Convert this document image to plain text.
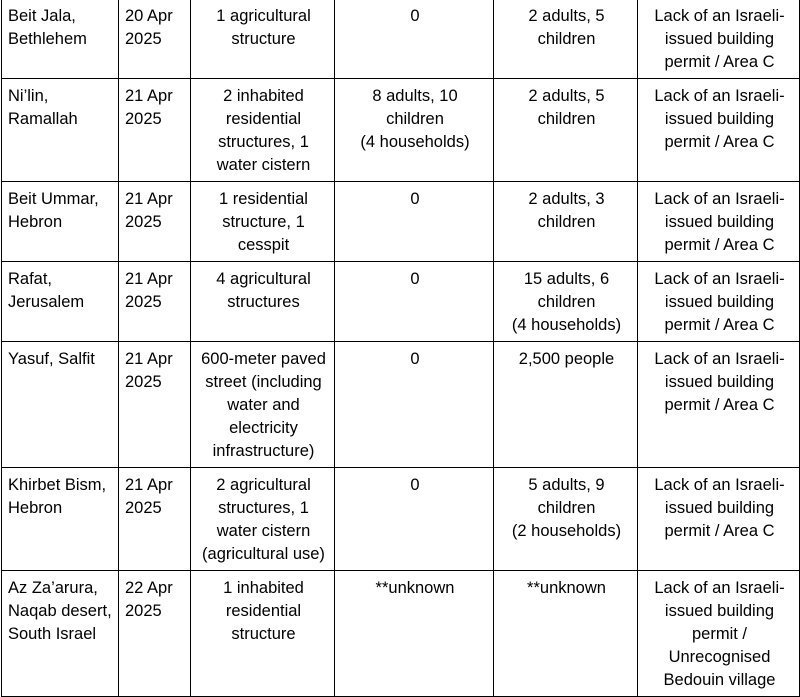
Beit Jala,
Bethlehem	20 Apr
2025	1 agricultural
structure	0	2 adults, 5
children	Lack of an Israeli-
issued building
permit / Area C

Ni’lin,
Ramallah	21 Apr
2025	2 inhabited
residential
structures, 1
water cistern	8 adults, 10
children
(4 households)	2 adults, 5
children	Lack of an Israeli-
issued building
permit / Area C

Beit Ummar,
Hebron	21 Apr
2025	1 residential
structure, 1
cesspit	0	2 adults, 3
children	Lack of an Israeli-
issued building
permit / Area C

Rafat,
Jerusalem	21 Apr
2025	4 agricultural
structures	0	15 adults, 6
children
(4 households)	Lack of an Israeli-
issued building
permit / Area C

Yasuf, Salfit	21 Apr
2025	600-meter paved
street (including
water and
electricity
infrastructure)	0	2,500 people	Lack of an Israeli-
issued building
permit / Area C

Khirbet Bism,
Hebron	21 Apr
2025	2 agricultural
structures, 1
water cistern
(agricultural use)	0	5 adults, 9
children
(2 households)	Lack of an Israeli-
issued building
permit / Area C

Az Za’arura,
Naqab desert,
South Israel	22 Apr
2025	1 inhabited
residential
structure	**unknown	**unknown	Lack of an Israeli-
issued building
permit /
Unrecognised
Bedouin village
